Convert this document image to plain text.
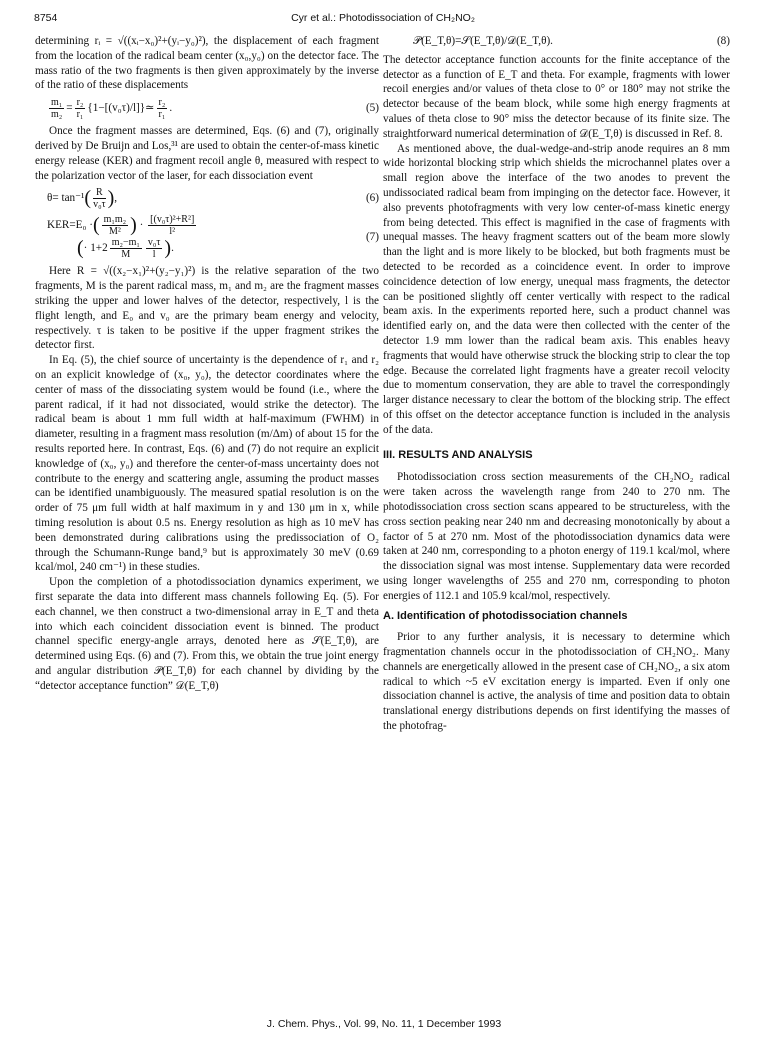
8754	Cyr et al.: Photodissociation of CH₂NO₂

determining rᵢ = √((xᵢ−x₀)²+(yᵢ−y₀)²), the displacement of each fragment from the location of the radical beam center (x₀,y₀) on the detector face. The mass ratio of the two fragments is then given approximately by the inverse of the ratio of these displacements

$\frac{\text{m₁}}{\text{m₂}} = \frac{\text{r₂}}{\text{r₁}}$ {1−[(v₀τ)/l]}≃ $\frac{\text{r₂}}{\text{r₁}}$ .	(5)

Once the fragment masses are determined, Eqs. (6) and (7), originally derived by De Bruijn and Los,³¹ are used to obtain the center-of-mass kinetic energy release (KER) and fragment recoil angle θ, measured with respect to the polarization vector of the laser, for each dissociation event

$\theta= \tan^{-1}( \frac{R}{\text{v₀τ}}$ ),	(6)
KER=E₀ ·( $\frac{\text{m₁m₂}}{\text{M²}}$ ) · $\frac{\text{[(v₀τ)²+R²]}}{\text{l²}}$
(· $1+2 \frac{\text{m₂−m₁}}{M} \frac{\text{v₀τ}}{l}$ ).
(7)

Here R = √((x₂−x₁)²+(y₂−y₁)²) is the relative separation of the two fragments, M is the parent radical mass, m₁ and m₂ are the fragment masses striking the upper and lower halves of the detector, respectively, l is the flight length, and E₀ and v₀ are the primary beam energy and velocity, respectively. τ is taken to be positive if the upper fragment strikes the detector first.

In Eq. (5), the chief source of uncertainty is the dependence of r₁ and r₂ on an explicit knowledge of (x₀, y₀), the detector coordinates where the center of mass of the dissociating system would be found (i.e., where the parent radical, if it had not dissociated, would strike the detector). The radical beam is about 1 mm full width at half-maximum (FWHM) in diameter, resulting in a fragment mass resolution (m/Δm) of about 15 for the results reported here. In contrast, Eqs. (6) and (7) do not require an explicit knowledge of (x₀, y₀) and therefore the center-of-mass uncertainty does not contribute to the energy and scattering angle, assuming the product masses can be identified unambiguously. The measured spatial resolution is on the order of 75 μm full width at half maximum in y and 130 μm in x, while timing resolution is about 0.5 ns. Energy resolution as high as 10 meV has been demonstrated during calibrations using the predissociation of O₂ through the Schumann-Runge band,⁹ but is approximately 30 meV (0.69 kcal/mol, 240 cm⁻¹) in these studies.

Upon the completion of a photodissociation dynamics experiment, we first separate the data into different mass channels following Eq. (5). For each channel, we then construct a two-dimensional array in E_T and theta into which each coincident dissociation event is binned. The product channel specific energy-angle arrays, denoted here as 𝒮(E_T,θ), are determined using Eqs. (6) and (7). From this, we obtain the true joint energy and angular distribution 𝒫(E_T,θ) for each channel by dividing by the “detector acceptance function” 𝒟(E_T,θ)

𝒫(E_T,θ)=𝒮(E_T,θ)/𝒟(E_T,θ).	(8)

The detector acceptance function accounts for the finite acceptance of the detector as a function of E_T and theta. For example, fragments with lower recoil energies and/or values of theta close to 0° or 180° may not strike the detector because of the beam block, while some high energy fragments at values of theta close to 90° miss the detector because of its finite size. The straightforward numerical determination of 𝒟(E_T,θ) is discussed in Ref. 8.

As mentioned above, the dual-wedge-and-strip anode requires an 8 mm wide horizontal blocking strip which shields the microchannel plates over a small region above the interface of the two anodes to prevent the undissociated radical beam from impinging on the detector face. However, it also prevents photofragments with very low center-of-mass kinetic energy from being detected. This effect is magnified in the case of fragments with unequal masses. The heavy fragment scatters out of the beam more slowly than the light and is more likely to be blocked, but both fragments must be detected to be recorded as a coincidence event. In order to improve coincidence detection of low energy, unequal mass fragments, the detector can be positioned slightly off center vertically with respect to the radical beam axis. In the experiments reported here, such a product channel was identified early on, and the data were then collected with the center of the detector 1.9 mm lower than the radical beam axis. This enables heavy fragments that would have otherwise struck the blocking strip to clear the top edge. Because the correlated light fragments have a greater recoil velocity due to momentum conservation, they are able to travel the correspondingly larger distance necessary to clear the bottom of the blocking strip. The effect of this offset on the detector acceptance function is included in the analysis of the data.

III. RESULTS AND ANALYSIS

Photodissociation cross section measurements of the CH₂NO₂ radical were taken across the wavelength range from 240 to 270 nm. The photodissociation cross section scans appeared to be structureless, with the cross section peaking near 240 nm and decreasing monotonically by about a factor of 5 at 270 nm. Most of the photodissociation dynamics data were taken at 240 nm, corresponding to a photon energy of 119.1 kcal/mol, where the dissociation signal was most intense. Supplementary data were recorded using longer wavelengths of 255 and 270 nm, corresponding to photon energies of 112.1 and 105.9 kcal/mol, respectively.

A. Identification of photodissociation channels

Prior to any further analysis, it is necessary to determine which fragmentation channels occur in the photodissociation of CH₂NO₂. Many channels are energetically allowed in the present case of CH₂NO₂, a six atom radical to which ~5 eV excitation energy is imparted. Even if only one dissociation channel is active, the analysis of time and position data to obtain translational energy distributions depends on first identifying the masses of the photofrag-

J. Chem. Phys., Vol. 99, No. 11, 1 December 1993
